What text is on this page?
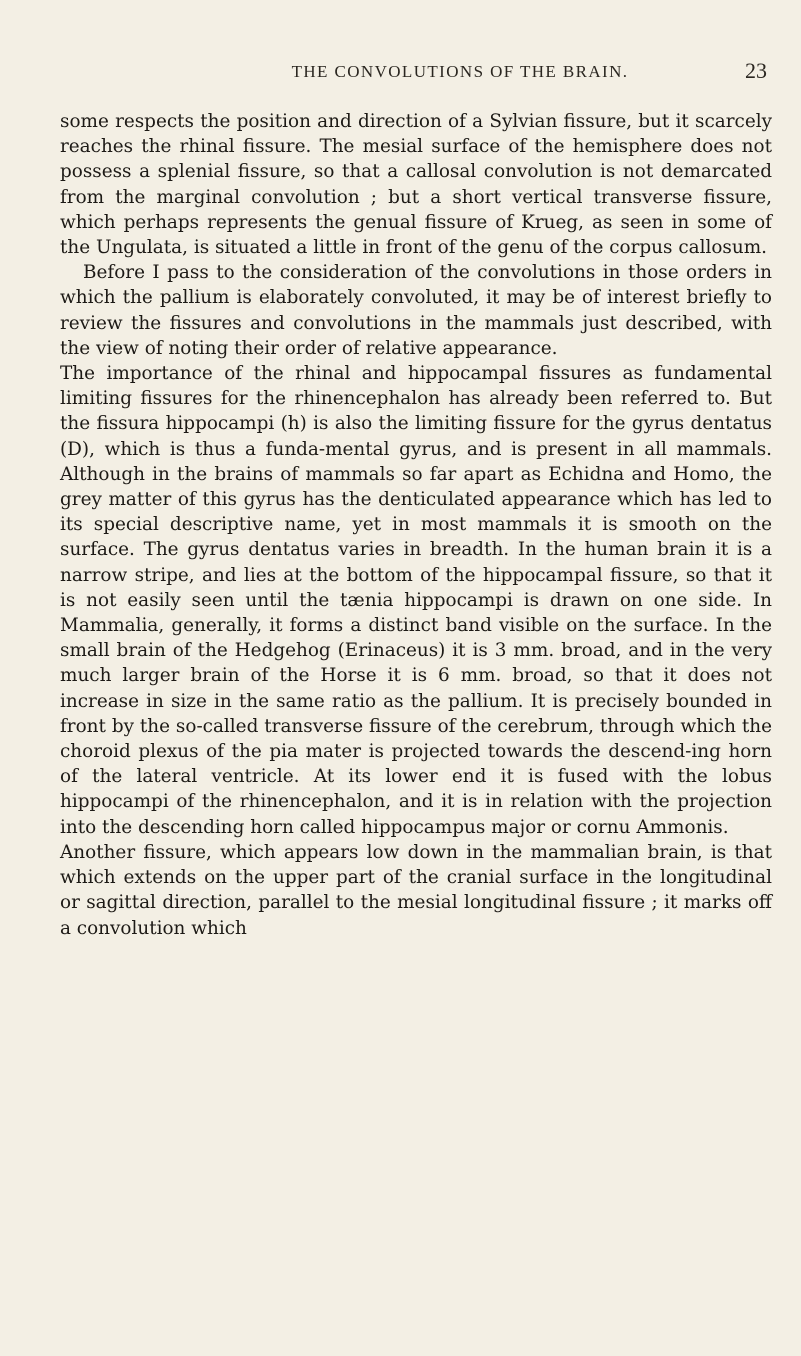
THE CONVOLUTIONS OF THE BRAIN.	23

some respects the position and direction of a Sylvian fissure, but it scarcely reaches the rhinal fissure. The mesial surface of the hemisphere does not possess a splenial fissure, so that a callosal convolution is not demarcated from the marginal convolution ; but a short vertical transverse fissure, which perhaps represents the genual fissure of Krueg, as seen in some of the Ungulata, is situated a little in front of the genu of the corpus callosum.

Before I pass to the consideration of the convolutions in those orders in which the pallium is elaborately convoluted, it may be of interest briefly to review the fissures and convolutions in the mammals just described, with the view of noting their order of relative appearance.

The importance of the rhinal and hippocampal fissures as fundamental limiting fissures for the rhinencephalon has already been referred to. But the fissura hippocampi (h) is also the limiting fissure for the gyrus dentatus (D), which is thus a funda-mental gyrus, and is present in all mammals. Although in the brains of mammals so far apart as Echidna and Homo, the grey matter of this gyrus has the denticulated appearance which has led to its special descriptive name, yet in most mammals it is smooth on the surface. The gyrus dentatus varies in breadth. In the human brain it is a narrow stripe, and lies at the bottom of the hippocampal fissure, so that it is not easily seen until the tænia hippocampi is drawn on one side. In Mammalia, generally, it forms a distinct band visible on the surface. In the small brain of the Hedgehog (Erinaceus) it is 3 mm. broad, and in the very much larger brain of the Horse it is 6 mm. broad, so that it does not increase in size in the same ratio as the pallium. It is precisely bounded in front by the so-called transverse fissure of the cerebrum, through which the choroid plexus of the pia mater is projected towards the descend-ing horn of the lateral ventricle. At its lower end it is fused with the lobus hippocampi of the rhinencephalon, and it is in relation with the projection into the descending horn called hippocampus major or cornu Ammonis.

Another fissure, which appears low down in the mammalian brain, is that which extends on the upper part of the cranial surface in the longitudinal or sagittal direction, parallel to the mesial longitudinal fissure ; it marks off a convolution which
